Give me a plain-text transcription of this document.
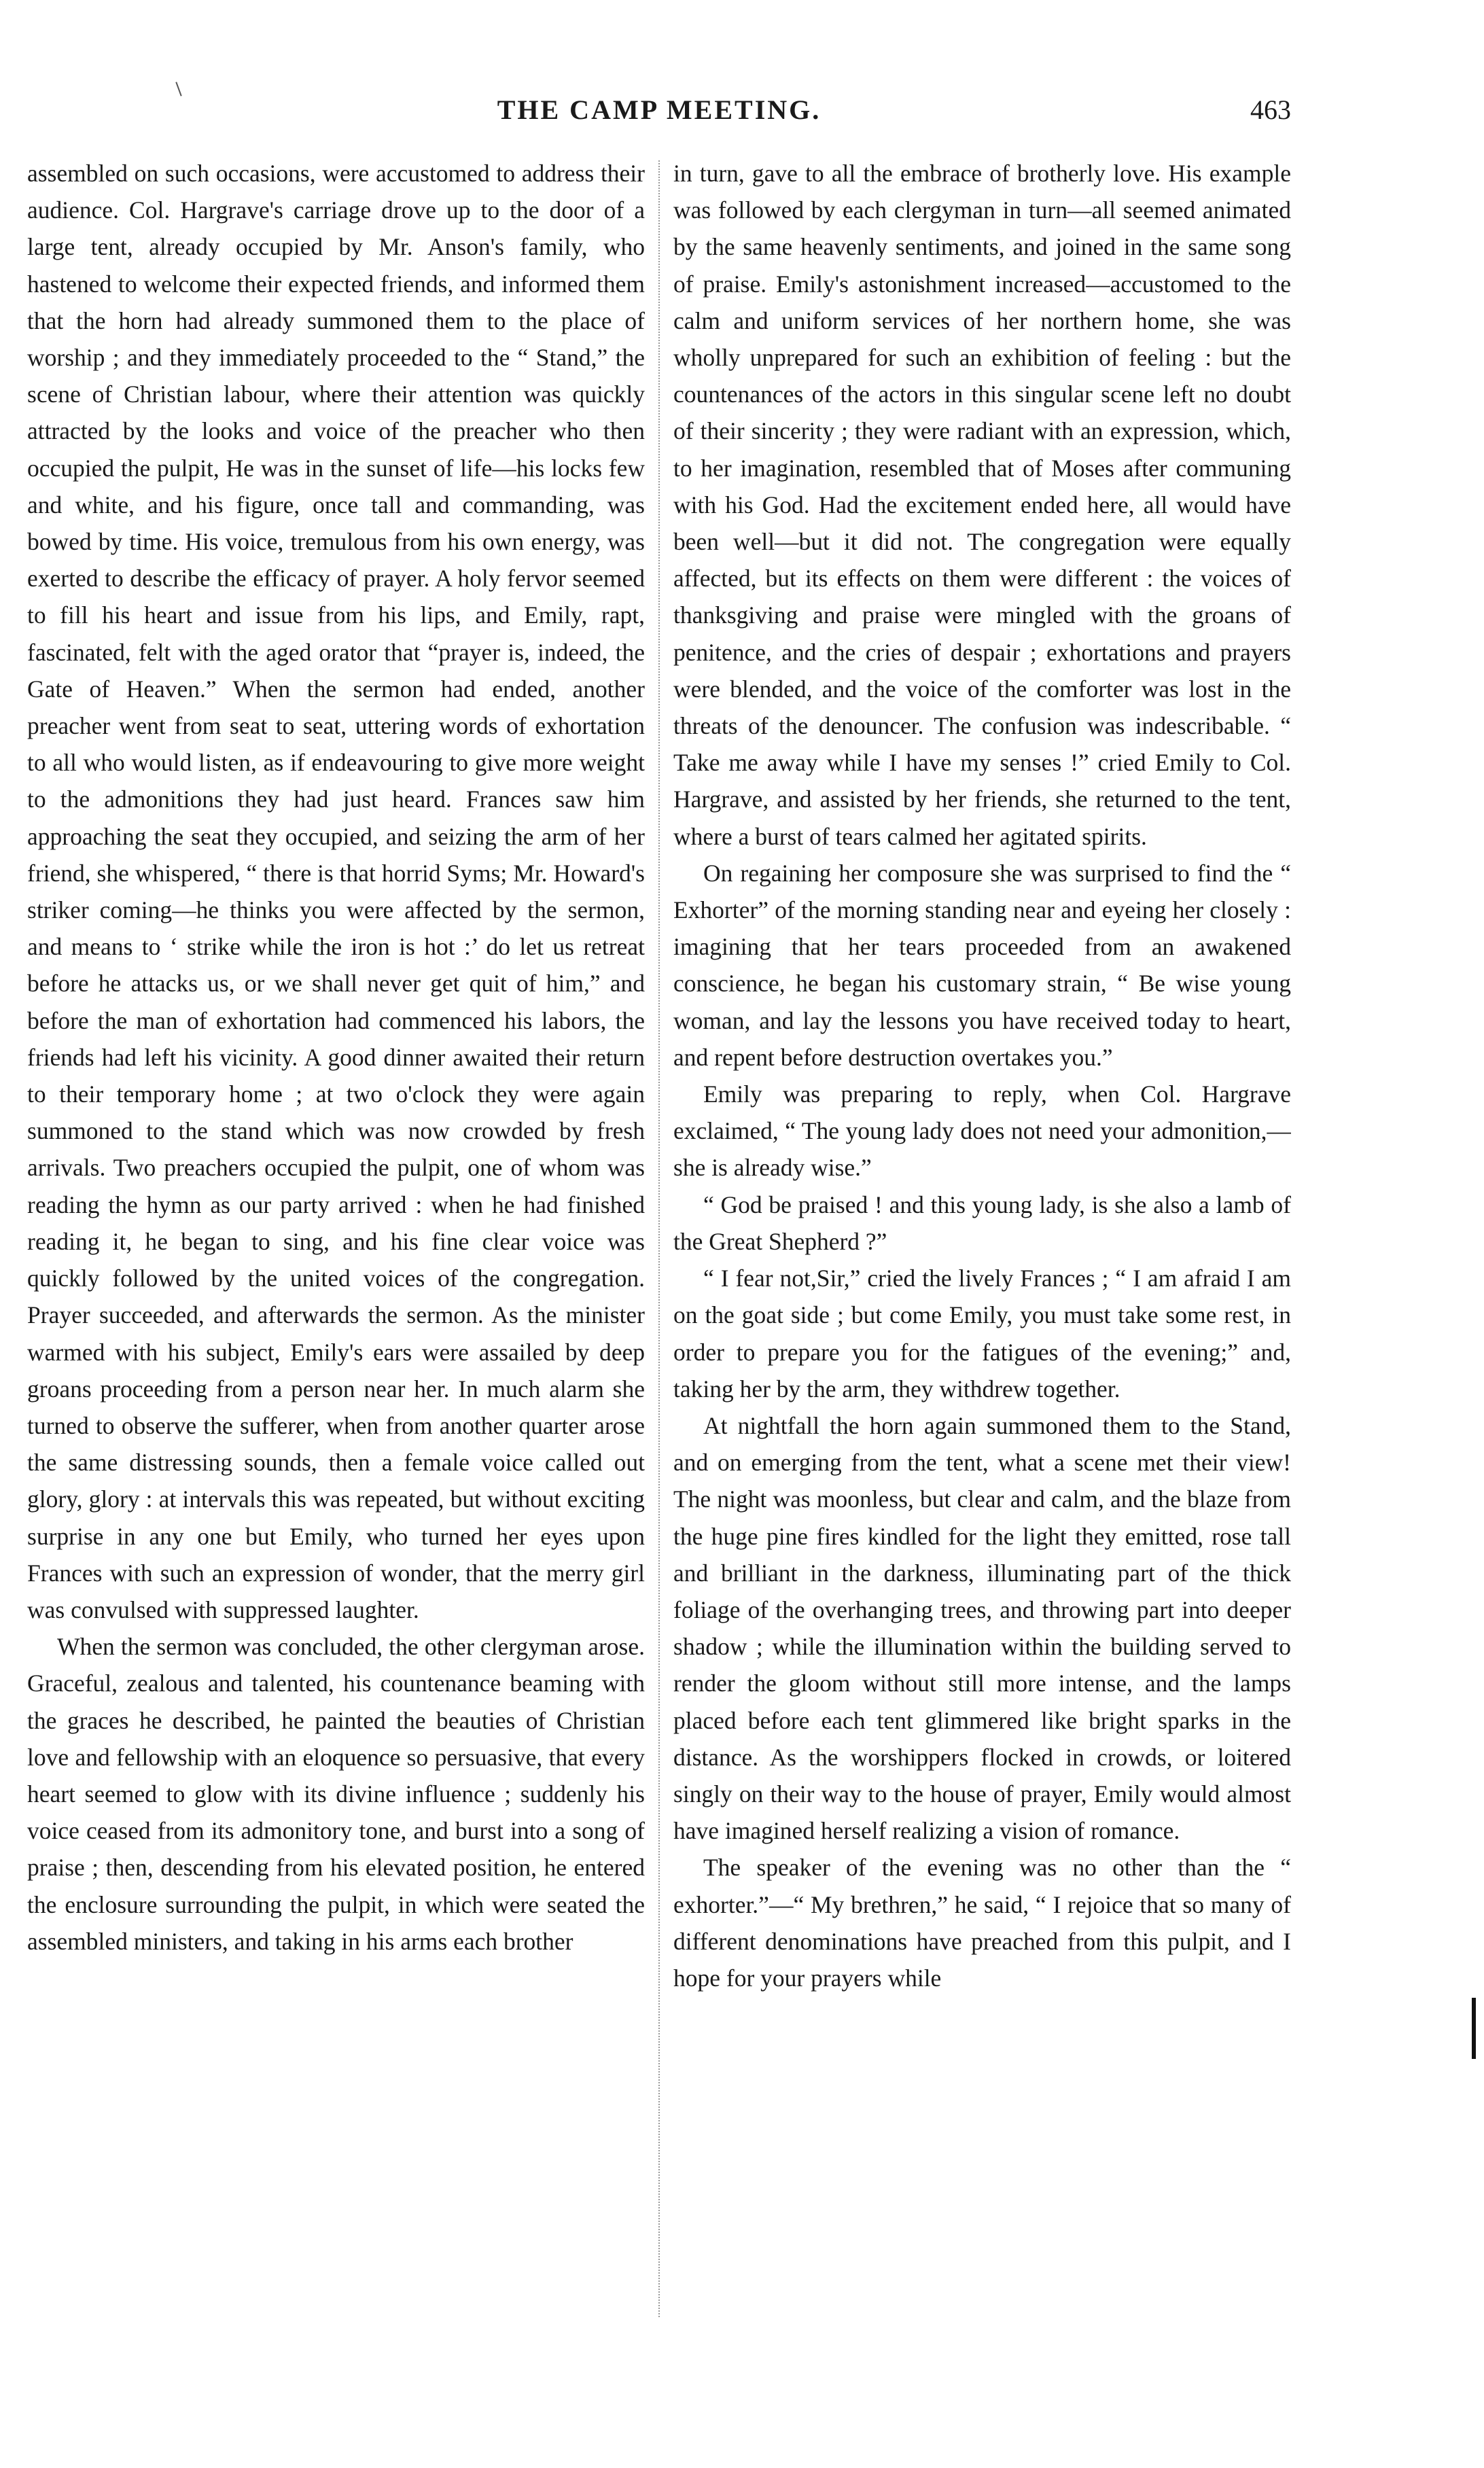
THE CAMP MEETING.	463

assembled on such occasions, were accustomed to address their audience. Col. Hargrave's carriage drove up to the door of a large tent, already occupied by Mr. Anson's family, who hastened to welcome their expected friends, and informed them that the horn had already summoned them to the place of worship ; and they immediately proceeded to the “ Stand,” the scene of Christian labour, where their attention was quickly attracted by the looks and voice of the preacher who then occupied the pulpit, He was in the sunset of life—his locks few and white, and his figure, once tall and commanding, was bowed by time. His voice, tremulous from his own energy, was exerted to describe the efficacy of prayer. A holy fervor seemed to fill his heart and issue from his lips, and Emily, rapt, fascinated, felt with the aged orator that “prayer is, indeed, the Gate of Heaven.” When the sermon had ended, another preacher went from seat to seat, uttering words of exhortation to all who would listen, as if endeavouring to give more weight to the admonitions they had just heard. Frances saw him approaching the seat they occupied, and seizing the arm of her friend, she whispered, “ there is that horrid Syms; Mr. Howard's striker coming—he thinks you were affected by the sermon, and means to ‘ strike while the iron is hot :’ do let us retreat before he attacks us, or we shall never get quit of him,” and before the man of exhortation had commenced his labors, the friends had left his vicinity. A good dinner awaited their return to their temporary home ; at two o'clock they were again summoned to the stand which was now crowded by fresh arrivals. Two preachers occupied the pulpit, one of whom was reading the hymn as our party arrived : when he had finished reading it, he began to sing, and his fine clear voice was quickly followed by the united voices of the congregation. Prayer succeeded, and afterwards the sermon. As the minister warmed with his subject, Emily's ears were assailed by deep groans proceeding from a person near her. In much alarm she turned to observe the sufferer, when from another quarter arose the same distressing sounds, then a female voice called out glory, glory : at intervals this was repeated, but without exciting surprise in any one but Emily, who turned her eyes upon Frances with such an expression of wonder, that the merry girl was convulsed with suppressed laughter.

When the sermon was concluded, the other clergyman arose. Graceful, zealous and talented, his countenance beaming with the graces he described, he painted the beauties of Christian love and fellowship with an eloquence so persuasive, that every heart seemed to glow with its divine influence ; suddenly his voice ceased from its admonitory tone, and burst into a song of praise ; then, descending from his elevated position, he entered the enclosure surrounding the pulpit, in which were seated the assembled ministers, and taking in his arms each brother

in turn, gave to all the embrace of brotherly love. His example was followed by each clergyman in turn—all seemed animated by the same heavenly sentiments, and joined in the same song of praise. Emily's astonishment increased—accustomed to the calm and uniform services of her northern home, she was wholly unprepared for such an exhibition of feeling : but the countenances of the actors in this singular scene left no doubt of their sincerity ; they were radiant with an expression, which, to her imagination, resembled that of Moses after communing with his God. Had the excitement ended here, all would have been well—but it did not. The congregation were equally affected, but its effects on them were different : the voices of thanksgiving and praise were mingled with the groans of penitence, and the cries of despair ; exhortations and prayers were blended, and the voice of the comforter was lost in the threats of the denouncer. The confusion was indescribable. “ Take me away while I have my senses !” cried Emily to Col. Hargrave, and assisted by her friends, she returned to the tent, where a burst of tears calmed her agitated spirits.

On regaining her composure she was surprised to find the “ Exhorter” of the morning standing near and eyeing her closely : imagining that her tears proceeded from an awakened conscience, he began his customary strain, “ Be wise young woman, and lay the lessons you have received today to heart, and repent before destruction overtakes you.”

Emily was preparing to reply, when Col. Hargrave exclaimed, “ The young lady does not need your admonition,—she is already wise.”

“ God be praised ! and this young lady, is she also a lamb of the Great Shepherd ?”

“ I fear not,Sir,” cried the lively Frances ; “ I am afraid I am on the goat side ; but come Emily, you must take some rest, in order to prepare you for the fatigues of the evening;” and, taking her by the arm, they withdrew together.

At nightfall the horn again summoned them to the Stand, and on emerging from the tent, what a scene met their view! The night was moonless, but clear and calm, and the blaze from the huge pine fires kindled for the light they emitted, rose tall and brilliant in the darkness, illuminating part of the thick foliage of the overhanging trees, and throwing part into deeper shadow ; while the illumination within the building served to render the gloom without still more intense, and the lamps placed before each tent glimmered like bright sparks in the distance. As the worshippers flocked in crowds, or loitered singly on their way to the house of prayer, Emily would almost have imagined herself realizing a vision of romance.

The speaker of the evening was no other than the “ exhorter.”—“ My brethren,” he said, “ I rejoice that so many of different denominations have preached from this pulpit, and I hope for your prayers while
